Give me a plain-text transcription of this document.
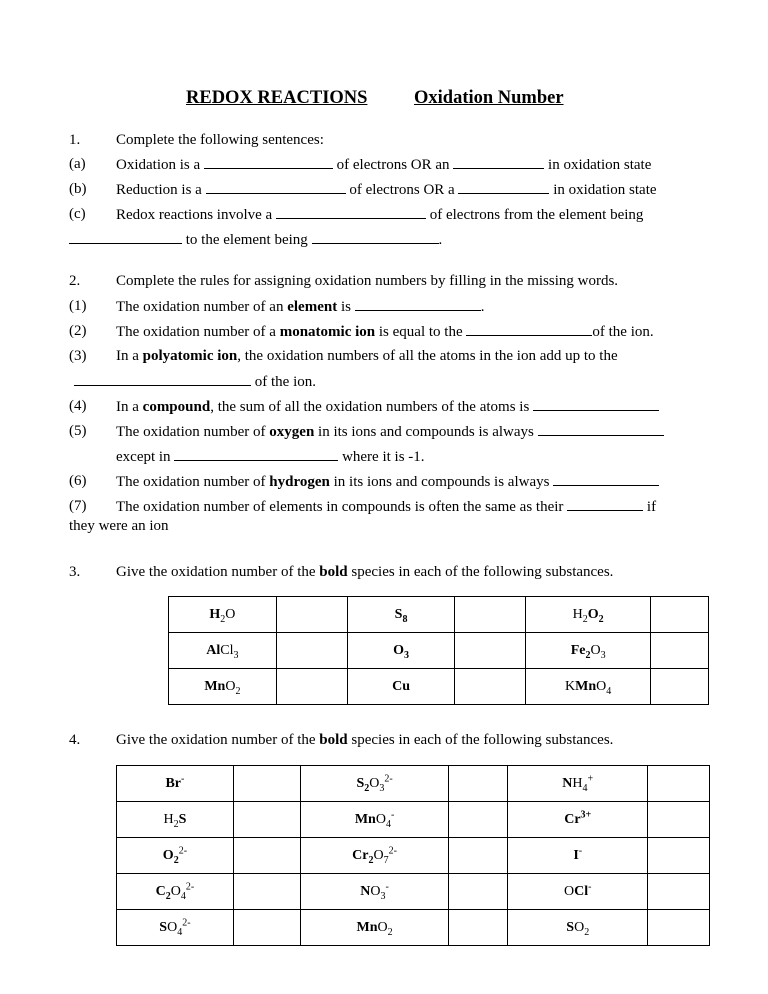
REDOX REACTIONS	Oxidation Number
1. Complete the following sentences:
(a) Oxidation is a	of electrons OR an	in oxidation state
(b) Reduction is a	of electrons OR a	in oxidation state
(c) Redox reactions involve a	of electrons from the element being
to the element being	.
2. Complete the rules for assigning oxidation numbers by filling in the missing words.
(1) The oxidation number of an element is	.
(2) The oxidation number of a monatomic ion is equal to the	of the ion.
(3) In a polyatomic ion, the oxidation numbers of all the atoms in the ion add up to the
of the ion.
(4) In a compound, the sum of all the oxidation numbers of the atoms is
(5) The oxidation number of oxygen in its ions and compounds is always
except in	where it is -1.
(6) The oxidation number of hydrogen in its ions and compounds is always
(7) The oxidation number of elements in compounds is often the same as their	if
they were an ion
3. Give the oxidation number of the bold species in each of the following substances.
$H_2O$		$S_8$		$H_2O_2$	
AlCl$_3$		$O_3$		$Fe_2O_3$	
MnO$_2$		Cu		KMnO$_4$	
4. Give the oxidation number of the bold species in each of the following substances.
Br-		$S_2O_3^{2-}$		$NH_4^+$	
$H_2S$		MnO$_4$-		$Cr^{3+}$	
$O_2^{2-}$		$Cr_2O_7^{2-}$		I-	
$C_2O_4^{2-}$		$NO_3^-$		OCl-	
$SO_4^{2-}$		MnO$_2$		$SO_2$	
